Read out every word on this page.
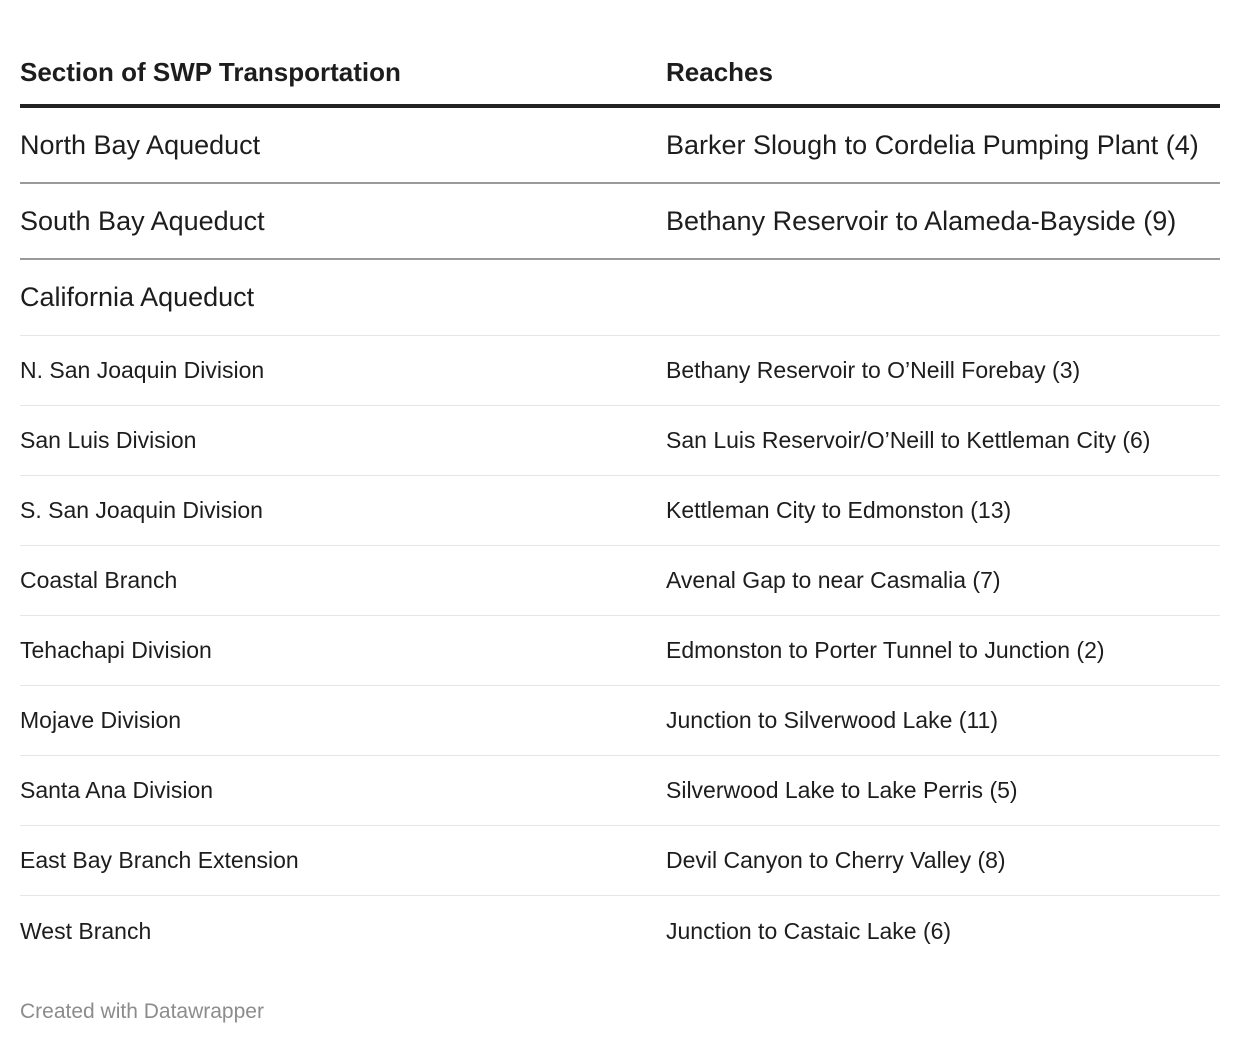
Section of SWP Transportation	Reaches
North Bay Aqueduct	Barker Slough to Cordelia Pumping Plant (4)
South Bay Aqueduct	Bethany Reservoir to Alameda-Bayside (9)
California Aqueduct
N. San Joaquin Division	Bethany Reservoir to O’Neill Forebay (3)
San Luis Division	San Luis Reservoir/O’Neill to Kettleman City (6)
S. San Joaquin Division	Kettleman City to Edmonston (13)
Coastal Branch	Avenal Gap to near Casmalia (7)
Tehachapi Division	Edmonston to Porter Tunnel to Junction (2)
Mojave Division	Junction to Silverwood Lake (11)
Santa Ana Division	Silverwood Lake to Lake Perris (5)
East Bay Branch Extension	Devil Canyon to Cherry Valley (8)
West Branch	Junction to Castaic Lake (6)
Created with Datawrapper
